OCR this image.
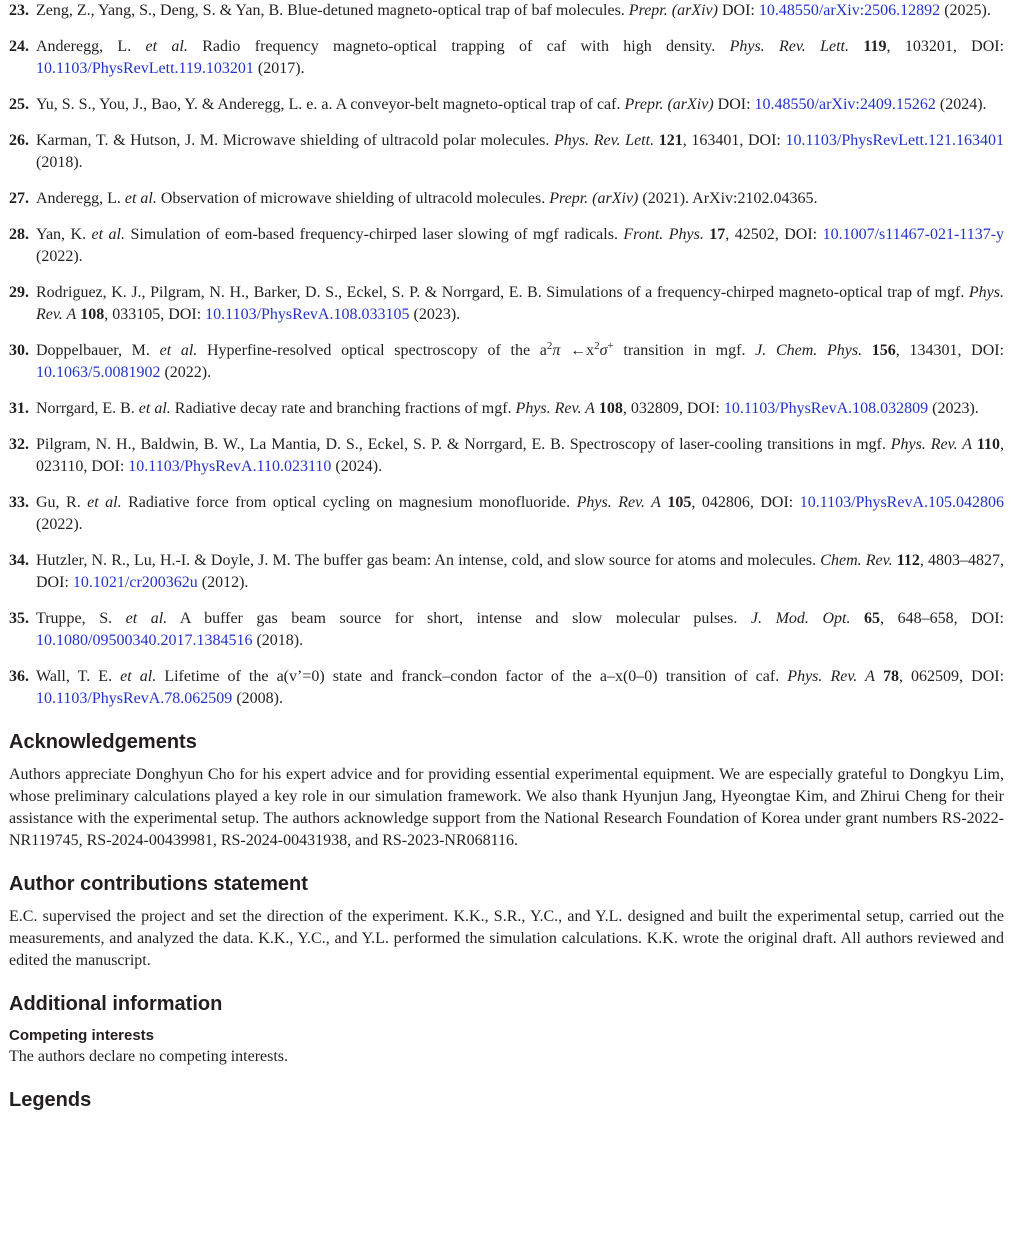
23. Zeng, Z., Yang, S., Deng, S. & Yan, B. Blue-detuned magneto-optical trap of baf molecules. Prepr. (arXiv) DOI: 10.48550/arXiv:2506.12892 (2025).
24. Anderegg, L. et al. Radio frequency magneto-optical trapping of caf with high density. Phys. Rev. Lett. 119, 103201, DOI: 10.1103/PhysRevLett.119.103201 (2017).
25. Yu, S. S., You, J., Bao, Y. & Anderegg, L. e. a. A conveyor-belt magneto-optical trap of caf. Prepr. (arXiv) DOI: 10.48550/arXiv:2409.15262 (2024).
26. Karman, T. & Hutson, J. M. Microwave shielding of ultracold polar molecules. Phys. Rev. Lett. 121, 163401, DOI: 10.1103/PhysRevLett.121.163401 (2018).
27. Anderegg, L. et al. Observation of microwave shielding of ultracold molecules. Prepr. (arXiv) (2021). ArXiv:2102.04365.
28. Yan, K. et al. Simulation of eom-based frequency-chirped laser slowing of mgf radicals. Front. Phys. 17, 42502, DOI: 10.1007/s11467-021-1137-y (2022).
29. Rodriguez, K. J., Pilgram, N. H., Barker, D. S., Eckel, S. P. & Norrgard, E. B. Simulations of a frequency-chirped magneto-optical trap of mgf. Phys. Rev. A 108, 033105, DOI: 10.1103/PhysRevA.108.033105 (2023).
30. Doppelbauer, M. et al. Hyperfine-resolved optical spectroscopy of the $a^2\pi$ $\leftarrow x^2\sigma^+$ transition in mgf. J. Chem. Phys. 156, 134301, DOI: 10.1063/5.0081902 (2022).
31. Norrgard, E. B. et al. Radiative decay rate and branching fractions of mgf. Phys. Rev. A 108, 032809, DOI: 10.1103/PhysRevA.108.032809 (2023).
32. Pilgram, N. H., Baldwin, B. W., La Mantia, D. S., Eckel, S. P. & Norrgard, E. B. Spectroscopy of laser-cooling transitions in mgf. Phys. Rev. A 110, 023110, DOI: 10.1103/PhysRevA.110.023110 (2024).
33. Gu, R. et al. Radiative force from optical cycling on magnesium monofluoride. Phys. Rev. A 105, 042806, DOI: 10.1103/PhysRevA.105.042806 (2022).
34. Hutzler, N. R., Lu, H.-I. & Doyle, J. M. The buffer gas beam: An intense, cold, and slow source for atoms and molecules. Chem. Rev. 112, 4803–4827, DOI: 10.1021/cr200362u (2012).
35. Truppe, S. et al. A buffer gas beam source for short, intense and slow molecular pulses. J. Mod. Opt. 65, 648–658, DOI: 10.1080/09500340.2017.1384516 (2018).
36. Wall, T. E. et al. Lifetime of the a(v’=0) state and franck–condon factor of the a–x(0–0) transition of caf. Phys. Rev. A 78, 062509, DOI: 10.1103/PhysRevA.78.062509 (2008).
Acknowledgements

Authors appreciate Donghyun Cho for his expert advice and for providing essential experimental equipment. We are especially grateful to Dongkyu Lim, whose preliminary calculations played a key role in our simulation framework. We also thank Hyunjun Jang, Hyeongtae Kim, and Zhirui Cheng for their assistance with the experimental setup. The authors acknowledge support from the National Research Foundation of Korea under grant numbers RS-2022-NR119745, RS-2024-00439981, RS-2024-00431938, and RS-2023-NR068116.

Author contributions statement

E.C. supervised the project and set the direction of the experiment. K.K., S.R., Y.C., and Y.L. designed and built the experimental setup, carried out the measurements, and analyzed the data. K.K., Y.C., and Y.L. performed the simulation calculations. K.K. wrote the original draft. All authors reviewed and edited the manuscript.

Additional information
Competing interests

The authors declare no competing interests.

Legends
